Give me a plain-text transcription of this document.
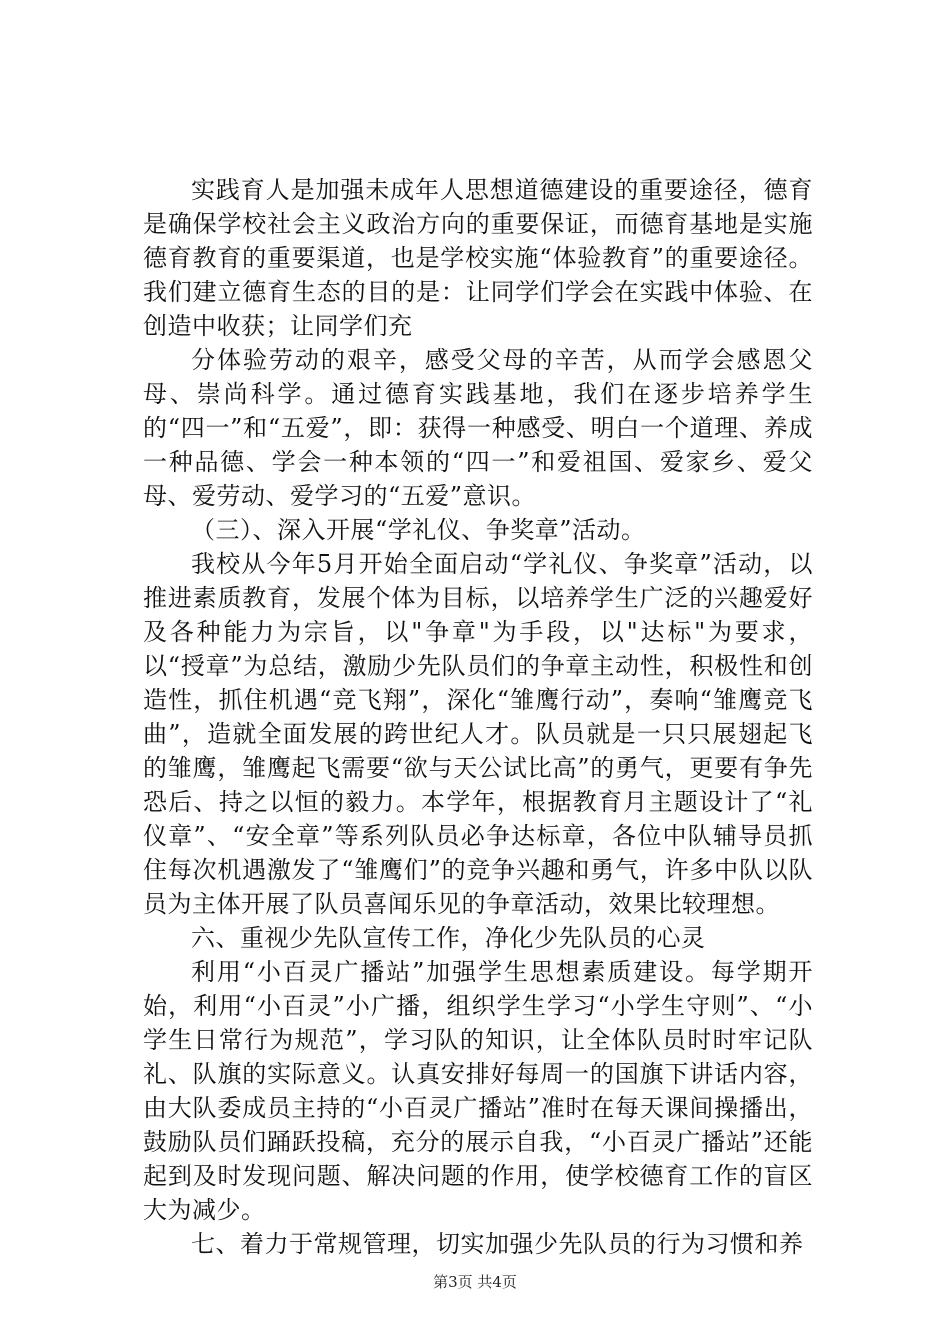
实践育人是加强未成年人思想道德建设的重要途径，德育是确保学校社会主义政治方向的重要保证，而德育基地是实施德育教育的重要渠道，也是学校实施“体验教育”的重要途径。我们建立德育生态的目的是：让同学们学会在实践中体验、在创造中收获；让同学们充

分体验劳动的艰辛，感受父母的辛苦，从而学会感恩父母、崇尚科学。通过德育实践基地，我们在逐步培养学生的“四一”和“五爱”，即：获得一种感受、明白一个道理、养成一种品德、学会一种本领的“四一”和爱祖国、爱家乡、爱父母、爱劳动、爱学习的“五爱”意识。

（三）、深入开展“学礼仪、争奖章”活动。

我校从今年5月开始全面启动“学礼仪、争奖章”活动，以推进素质教育，发展个体为目标，以培养学生广泛的兴趣爱好及各种能力为宗旨，以"争章"为手段，以"达标"为要求，以“授章”为总结，激励少先队员们的争章主动性，积极性和创造性，抓住机遇“竞飞翔”，深化“雏鹰行动”，奏响“雏鹰竞飞曲”，造就全面发展的跨世纪人才。队员就是一只只展翅起飞的雏鹰，雏鹰起飞需要“欲与天公试比高”的勇气，更要有争先恐后、持之以恒的毅力。本学年，根据教育月主题设计了“礼仪章”、“安全章”等系列队员必争达标章，各位中队辅导员抓住每次机遇激发了“雏鹰们”的竞争兴趣和勇气，许多中队以队员为主体开展了队员喜闻乐见的争章活动，效果比较理想。

六、重视少先队宣传工作，净化少先队员的心灵

利用“小百灵广播站”加强学生思想素质建设。每学期开始，利用“小百灵”小广播，组织学生学习“小学生守则”、“小学生日常行为规范”，学习队的知识，让全体队员时时牢记队礼、队旗的实际意义。认真安排好每周一的国旗下讲话内容，由大队委成员主持的“小百灵广播站”准时在每天课间操播出，鼓励队员们踊跃投稿，充分的展示自我，“小百灵广播站”还能起到及时发现问题、解决问题的作用，使学校德育工作的盲区大为减少。

七、着力于常规管理，切实加强少先队员的行为习惯和养

第3页 共4页
